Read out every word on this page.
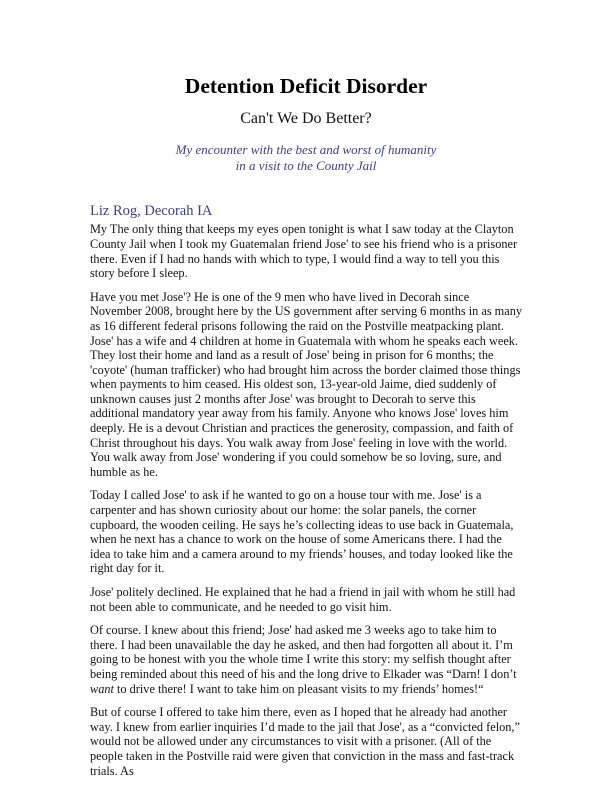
Detention Deficit Disorder
Can't We Do Better?
My encounter with the best and worst of humanity
in a visit to the County Jail
Liz Rog, Decorah IA

My The only thing that keeps my eyes open tonight is what I saw today at the Clayton County Jail when I took my Guatemalan friend Jose' to see his friend who is a prisoner there. Even if I had no hands with which to type, I would find a way to tell you this story before I sleep.

Have you met Jose'? He is one of the 9 men who have lived in Decorah since November 2008, brought here by the US government after serving 6 months in as many as 16 different federal prisons following the raid on the Postville meatpacking plant. Jose' has a wife and 4 children at home in Guatemala with whom he speaks each week. They lost their home and land as a result of Jose' being in prison for 6 months; the 'coyote' (human trafficker) who had brought him across the border claimed those things when payments to him ceased. His oldest son, 13-year-old Jaime, died suddenly of unknown causes just 2 months after Jose' was brought to Decorah to serve this additional mandatory year away from his family. Anyone who knows Jose' loves him deeply. He is a devout Christian and practices the generosity, compassion, and faith of Christ throughout his days. You walk away from Jose' feeling in love with the world. You walk away from Jose' wondering if you could somehow be so loving, sure, and humble as he.

Today I called Jose' to ask if he wanted to go on a house tour with me. Jose' is a carpenter and has shown curiosity about our home: the solar panels, the corner cupboard, the wooden ceiling. He says he’s collecting ideas to use back in Guatemala, when he next has a chance to work on the house of some Americans there. I had the idea to take him and a camera around to my friends’ houses, and today looked like the right day for it.

Jose' politely declined. He explained that he had a friend in jail with whom he still had not been able to communicate, and he needed to go visit him.

Of course. I knew about this friend; Jose' had asked me 3 weeks ago to take him to there. I had been unavailable the day he asked, and then had forgotten all about it. I’m going to be honest with you the whole time I write this story: my selfish thought after being reminded about this need of his and the long drive to Elkader was “Darn! I don’t want to drive there! I want to take him on pleasant visits to my friends’ homes!“

But of course I offered to take him there, even as I hoped that he already had another way. I knew from earlier inquiries I’d made to the jail that Jose', as a “convicted felon,” would not be allowed under any circumstances to visit with a prisoner. (All of the people taken in the Postville raid were given that conviction in the mass and fast-track trials. As
